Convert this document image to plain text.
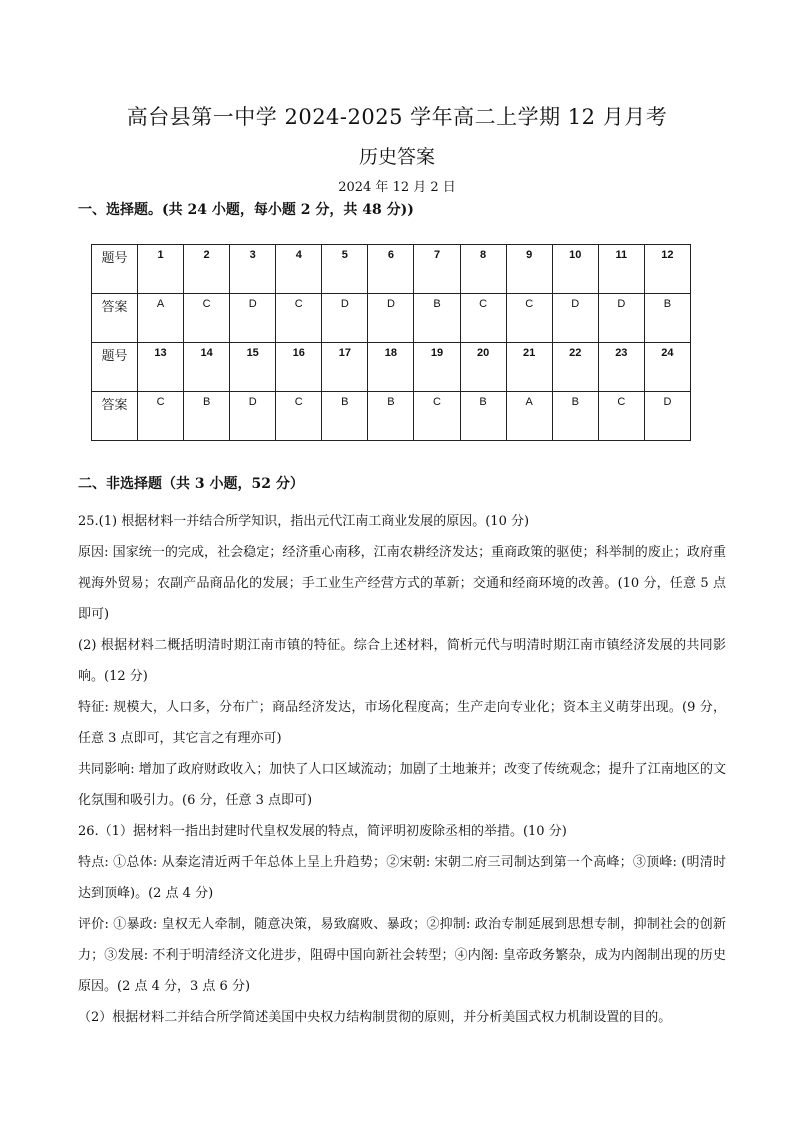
高台县第一中学 2024-2025 学年高二上学期 12 月月考
历史答案
2024 年 12 月 2 日
一、选择题。(共 24 小题，每小题 2 分，共 48 分))
题号	1	2	3	4	5	6	7	8	9	10	11	12
答案	A	C	D	C	D	D	B	C	C	D	D	B
题号	13	14	15	16	17	18	19	20	21	22	23	24
答案	C	B	D	C	B	B	C	B	A	B	C	D
二、非选择题（共 3 小题，52 分）

25.(1) 根据材料一并结合所学知识，指出元代江南工商业发展的原因。(10 分)

原因: 国家统一的完成，社会稳定；经济重心南移，江南农耕经济发达；重商政策的驱使；科举制的废止；政府重视海外贸易；农副产品商品化的发展；手工业生产经营方式的革新；交通和经商环境的改善。(10 分，任意 5 点即可)

(2) 根据材料二概括明清时期江南市镇的特征。综合上述材料，简析元代与明清时期江南市镇经济发展的共同影响。(12 分)

特征: 规模大，人口多，分布广；商品经济发达，市场化程度高；生产走向专业化；资本主义萌芽出现。(9 分，任意 3 点即可，其它言之有理亦可)

共同影响: 增加了政府财政收入；加快了人口区域流动；加剧了土地兼并；改变了传统观念；提升了江南地区的文化氛围和吸引力。(6 分，任意 3 点即可)

26.（1）据材料一指出封建时代皇权发展的特点，简评明初废除丞相的举措。(10 分)

特点: ①总体: 从秦迄清近两千年总体上呈上升趋势；②宋朝: 宋朝二府三司制达到第一个高峰；③顶峰: (明清时达到顶峰)。(2 点 4 分)

评价: ①暴政: 皇权无人牵制，随意决策，易致腐败、暴政；②抑制: 政治专制延展到思想专制，抑制社会的创新力；③发展: 不利于明清经济文化进步，阻碍中国向新社会转型；④内阁: 皇帝政务繁杂，成为内阁制出现的历史原因。(2 点 4 分，3 点 6 分)

（2）根据材料二并结合所学简述美国中央权力结构制贯彻的原则，并分析美国式权力机制设置的目的。
